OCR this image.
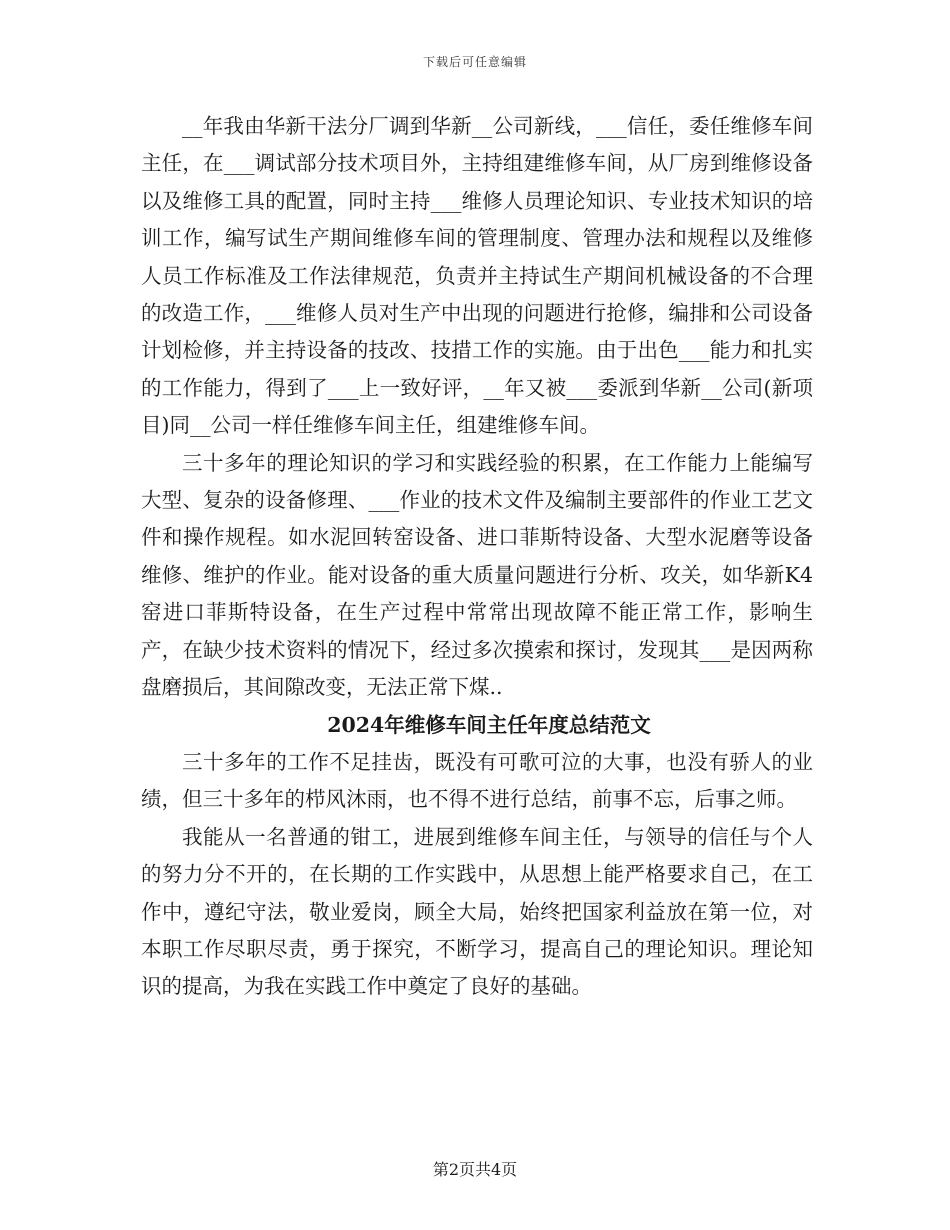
下载后可任意编辑

__年我由华新干法分厂调到华新__公司新线，___信任，委任维修车间主任，在___调试部分技术项目外，主持组建维修车间，从厂房到维修设备以及维修工具的配置，同时主持___维修人员理论知识、专业技术知识的培训工作，编写试生产期间维修车间的管理制度、管理办法和规程以及维修人员工作标准及工作法律规范，负责并主持试生产期间机械设备的不合理的改造工作，___维修人员对生产中出现的问题进行抢修，编排和公司设备计划检修，并主持设备的技改、技措工作的实施。由于出色___能力和扎实的工作能力，得到了___上一致好评，__年又被___委派到华新__公司(新项目)同__公司一样任维修车间主任，组建维修车间。

三十多年的理论知识的学习和实践经验的积累，在工作能力上能编写大型、复杂的设备修理、___作业的技术文件及编制主要部件的作业工艺文件和操作规程。如水泥回转窑设备、进口菲斯特设备、大型水泥磨等设备维修、维护的作业。能对设备的重大质量问题进行分析、攻关，如华新K4窑进口菲斯特设备，在生产过程中常常出现故障不能正常工作，影响生产，在缺少技术资料的情况下，经过多次摸索和探讨，发现其___是因两称盘磨损后，其间隙改变，无法正常下煤..

2024年维修车间主任年度总结范文

三十多年的工作不足挂齿，既没有可歌可泣的大事，也没有骄人的业绩，但三十多年的栉风沐雨，也不得不进行总结，前事不忘，后事之师。

我能从一名普通的钳工，进展到维修车间主任，与领导的信任与个人的努力分不开的，在长期的工作实践中，从思想上能严格要求自己，在工作中，遵纪守法，敬业爱岗，顾全大局，始终把国家利益放在第一位，对本职工作尽职尽责，勇于探究，不断学习，提高自己的理论知识。理论知识的提高，为我在实践工作中奠定了良好的基础。

第2页共4页
